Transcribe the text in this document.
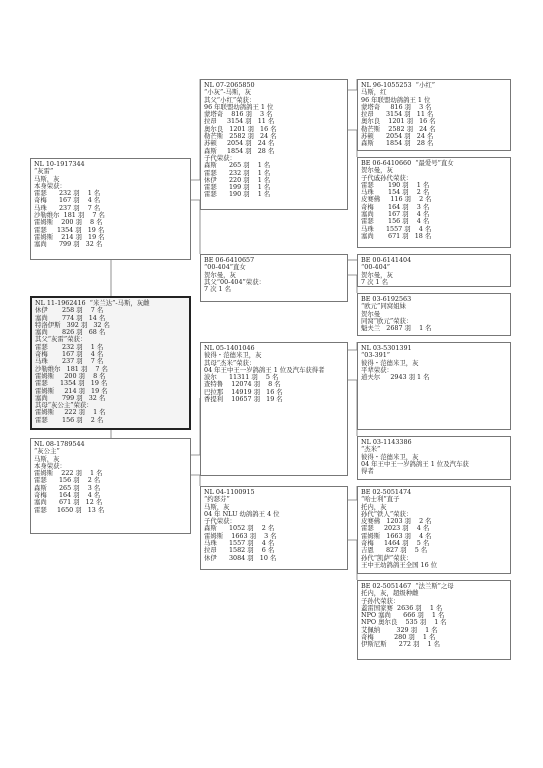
NL 11-1962416  “米兰达”-马斯，灰雌
休伊       258 羽    7 名
塞尚       774 羽   14 名
特洛伊斯   392 羽   32 名
塞尚       826 羽   68 名
其父“灰雷”荣获：
雷瑟       232 羽    1 名
奇梅       167 羽    4 名
马珠       237 羽    7 名
沙勒维尔   181 羽    7 名
雷姆斯     200 羽    8 名
雷瑟      1354 羽   19 名
雷姆斯     214 羽   19 名
塞尚       799 羽   32 名
其母“灰公主”荣获：
雷姆斯     222 羽    1 名
雷瑟       156 羽    2 名
NL 10-1917344
“灰雷”
马斯，灰
本身荣获：
雷瑟      232 羽    1 名
奇梅      167 羽    4 名
马珠      237 羽    7 名
沙勒维尔  181 羽    7 名
雷姆斯    200 羽    8 名
雷瑟     1354 羽   19 名
雷姆斯    214 羽   19 名
塞尚      799 羽   32 名
NL 08-1789544
“灰公主”
马斯，灰
本身荣获：
雷姆斯    222 羽    1 名
雷瑟      156 羽    2 名
森斯      265 羽    3 名
奇梅      164 羽    4 名
塞尚      671 羽   12 名
雷瑟     1650 羽   13 名
NL 07-2065850
“小灰”-马斯，灰
其父“小红”荣获：
96 年联盟幼鸽鸽王 1 位
蒙塔奇    816 羽    3 名
拉昂     3154 羽   11 名
奥尔良   1201 羽   16 名
勒芒斯   2582 羽   24 名
苏顿     2054 羽   24 名
森斯     1854 羽   28 名
子代荣获：
森斯      265 羽    1 名
雷瑟      232 羽    1 名
休伊      220 羽    1 名
雷瑟      199 羽    1 名
雷瑟      190 羽    1 名
BE 06-6410657
“00-404”直女
贺尔曼，灰
其父“00-404”荣获：
7 次 1 名
NL 05-1401046
彼得・范德米卫，灰
其母“杰米”荣获：
04 年王中王一岁鸽鸽王 1 位及汽车获得者
波尔      11311 羽    5 名
查特鲁    12074 羽    8 名
巴拉那    14919 羽   16 名
香提利    10657 羽   19 名
NL 04-1100915
“约瑟芬”
马斯，灰
04 年 NLU 幼鸽鸽王 4 位
子代荣获：
森斯      1052 羽    2 名
雷姆斯    1663 羽    3 名
马珠      1557 羽    4 名
拉昂      1582 羽    6 名
休伊      3084 羽   10 名
NL 96-1055253  “小红”
马斯，红
96 年联盟幼鸽鸽王 1 位
蒙塔奇     816 羽    3 名
拉昂      3154 羽   11 名
奥尔良    1201 羽   16 名
勒芒斯    2582 羽   24 名
苏顿      2054 羽   24 名
森斯      1854 羽   28 名
BE 06-6410660  “最爱号”直女
贺尔曼，灰
子代戚孙代荣获：
雷瑟       190 羽    1 名
马珠       154 羽    2 名
皮赛佛     116 羽    2 名
奇梅       164 羽    3 名
塞尚       167 羽    4 名
雷瑟       156 羽    4 名
马珠      1557 羽    4 名
塞尚       671 羽   18 名
BE 00-6141404
“00-404”
贺尔曼，灰
7 次 1 名
BE 03-6192563
“欧元”同窝姐妹
贺尔曼
同窝“欧元”荣获：
魁夫兰   2687 羽    1 名
NL 03-5301391
“03-391”
彼得・范德米卫，灰
平辈荣获：
道夫尔     2943 羽 1 名
NL 03-1143386
“杰米”
彼得・范德米卫，灰
04 年王中王一岁鸽鸽王 1 位及汽车获
得者
BE 02-5051474
“哈士利”直子
托内，灰
孙代“铁人”荣获：
皮赛佛   1203 羽    2 名
雷瑟     2023 羽    4 名
雷姆斯   1663 羽    4 名
奇梅     1464 羽    5 名
吉恩      827 羽    5 名
孙代“凯萨”荣获：
王中王幼鸽鸽王全国 16 位
BE 02-5051467  “法兰斯”之母
托内，灰，超级种雌
子孙代荣获：
蓋雷国家赛  2636 羽    1 名
NPO 塞尚      666 羽    1 名
NPO 奥尔良    535 羽    1 名
艾佩纳        329 羽    1 名
奇梅          280 羽    1 名
伊斯尼斯      272 羽    1 名
